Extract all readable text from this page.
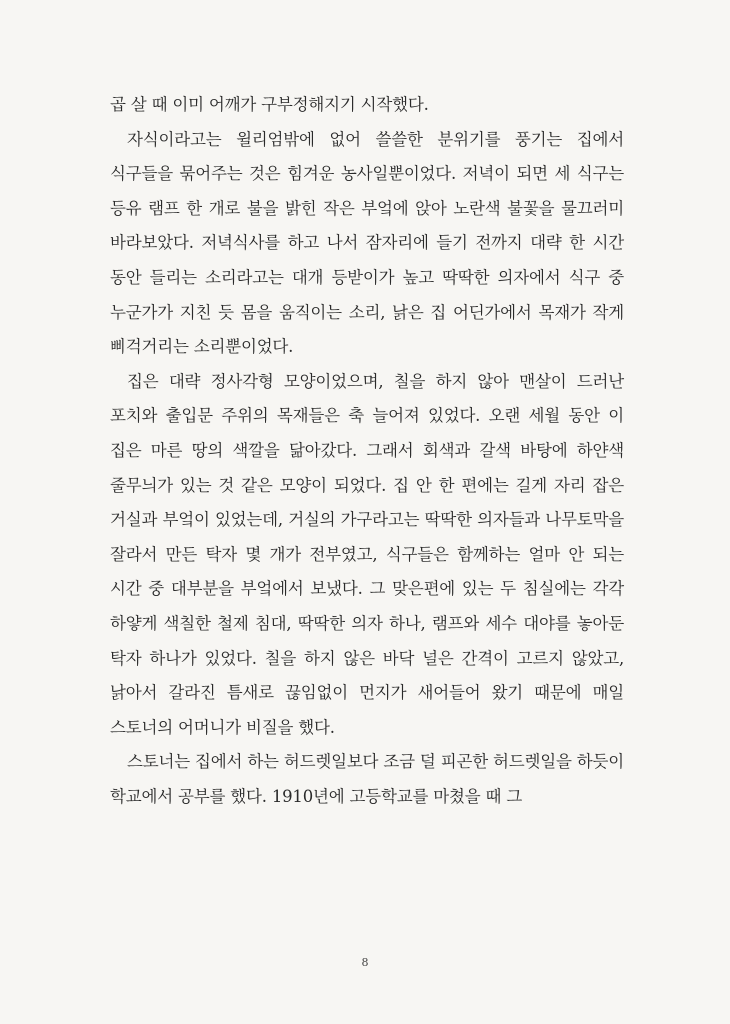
곱 살 때 이미 어깨가 구부정해지기 시작했다.

자식이라고는 윌리엄밖에 없어 쓸쓸한 분위기를 풍기는 집에서 식구들을 묶어주는 것은 힘겨운 농사일뿐이었다. 저녁이 되면 세 식구는 등유 램프 한 개로 불을 밝힌 작은 부엌에 앉아 노란색 불꽃을 물끄러미 바라보았다. 저녁식사를 하고 나서 잠자리에 들기 전까지 대략 한 시간 동안 들리는 소리라고는 대개 등받이가 높고 딱딱한 의자에서 식구 중 누군가가 지친 듯 몸을 움직이는 소리, 낡은 집 어딘가에서 목재가 작게 삐걱거리는 소리뿐이었다.

집은 대략 정사각형 모양이었으며, 칠을 하지 않아 맨살이 드러난 포치와 출입문 주위의 목재들은 축 늘어져 있었다. 오랜 세월 동안 이 집은 마른 땅의 색깔을 닮아갔다. 그래서 회색과 갈색 바탕에 하얀색 줄무늬가 있는 것 같은 모양이 되었다. 집 안 한 편에는 길게 자리 잡은 거실과 부엌이 있었는데, 거실의 가구라고는 딱딱한 의자들과 나무토막을 잘라서 만든 탁자 몇 개가 전부였고, 식구들은 함께하는 얼마 안 되는 시간 중 대부분을 부엌에서 보냈다. 그 맞은편에 있는 두 침실에는 각각 하얗게 색칠한 철제 침대, 딱딱한 의자 하나, 램프와 세수 대야를 놓아둔 탁자 하나가 있었다. 칠을 하지 않은 바닥 널은 간격이 고르지 않았고, 낡아서 갈라진 틈새로 끊임없이 먼지가 새어들어 왔기 때문에 매일 스토너의 어머니가 비질을 했다.

스토너는 집에서 하는 허드렛일보다 조금 덜 피곤한 허드렛일을 하듯이 학교에서 공부를 했다. 1910년에 고등학교를 마쳤을 때 그

8
